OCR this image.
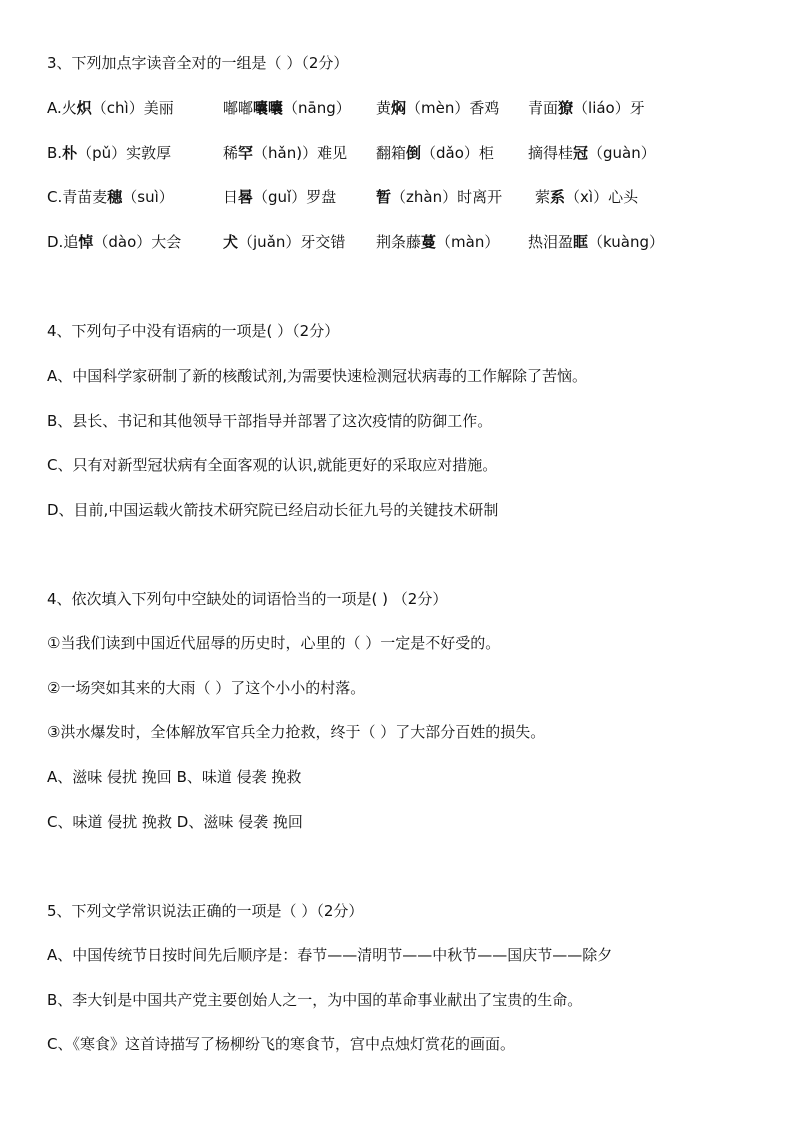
3、下列加点字读音全对的一组是（ ）（2分）
A.火炽（chì）美丽	嘟嘟囔囔（nāng） 黄焖（mèn）香鸡 青面獠（liáo）牙
B.朴（pǔ）实敦厚	稀罕（hǎn)）难见 翻箱倒（dǎo）柜 摘得桂冠（guàn）
C.青苗麦穗（suì）	日晷（guǐ）罗盘	暂（zhàn）时离开 萦系（xì）心头
D.追悼（dào）大会	犬（juǎn）牙交错 荆条藤蔓（màn） 热泪盈眶（kuàng）
4、下列句子中没有语病的一项是( ）（2分）
A、中国科学家研制了新的核酸试剂,为需要快速检测冠状病毒的工作解除了苦恼。
B、县长、书记和其他领导干部指导并部署了这次疫情的防御工作。
C、只有对新型冠状病有全面客观的认识,就能更好的采取应对措施。
D、目前,中国运载火箭技术研究院已经启动长征九号的关键技术研制
4、依次填入下列句中空缺处的词语恰当的一项是( ) （2分）
①当我们读到中国近代屈辱的历史时，心里的（ ）一定是不好受的。
②一场突如其来的大雨（ ）了这个小小的村落。
③洪水爆发时，全体解放军官兵全力抢救，终于（ ）了大部分百姓的损失。
A、滋味 侵扰 挽回 B、味道 侵袭 挽救
C、味道 侵扰 挽救 D、滋味 侵袭 挽回
5、下列文学常识说法正确的一项是（ ）（2分）
A、中国传统节日按时间先后顺序是：春节——清明节——中秋节——国庆节——除夕
B、李大钊是中国共产党主要创始人之一，为中国的革命事业献出了宝贵的生命。
C、《寒食》这首诗描写了杨柳纷飞的寒食节，宫中点烛灯赏花的画面。
